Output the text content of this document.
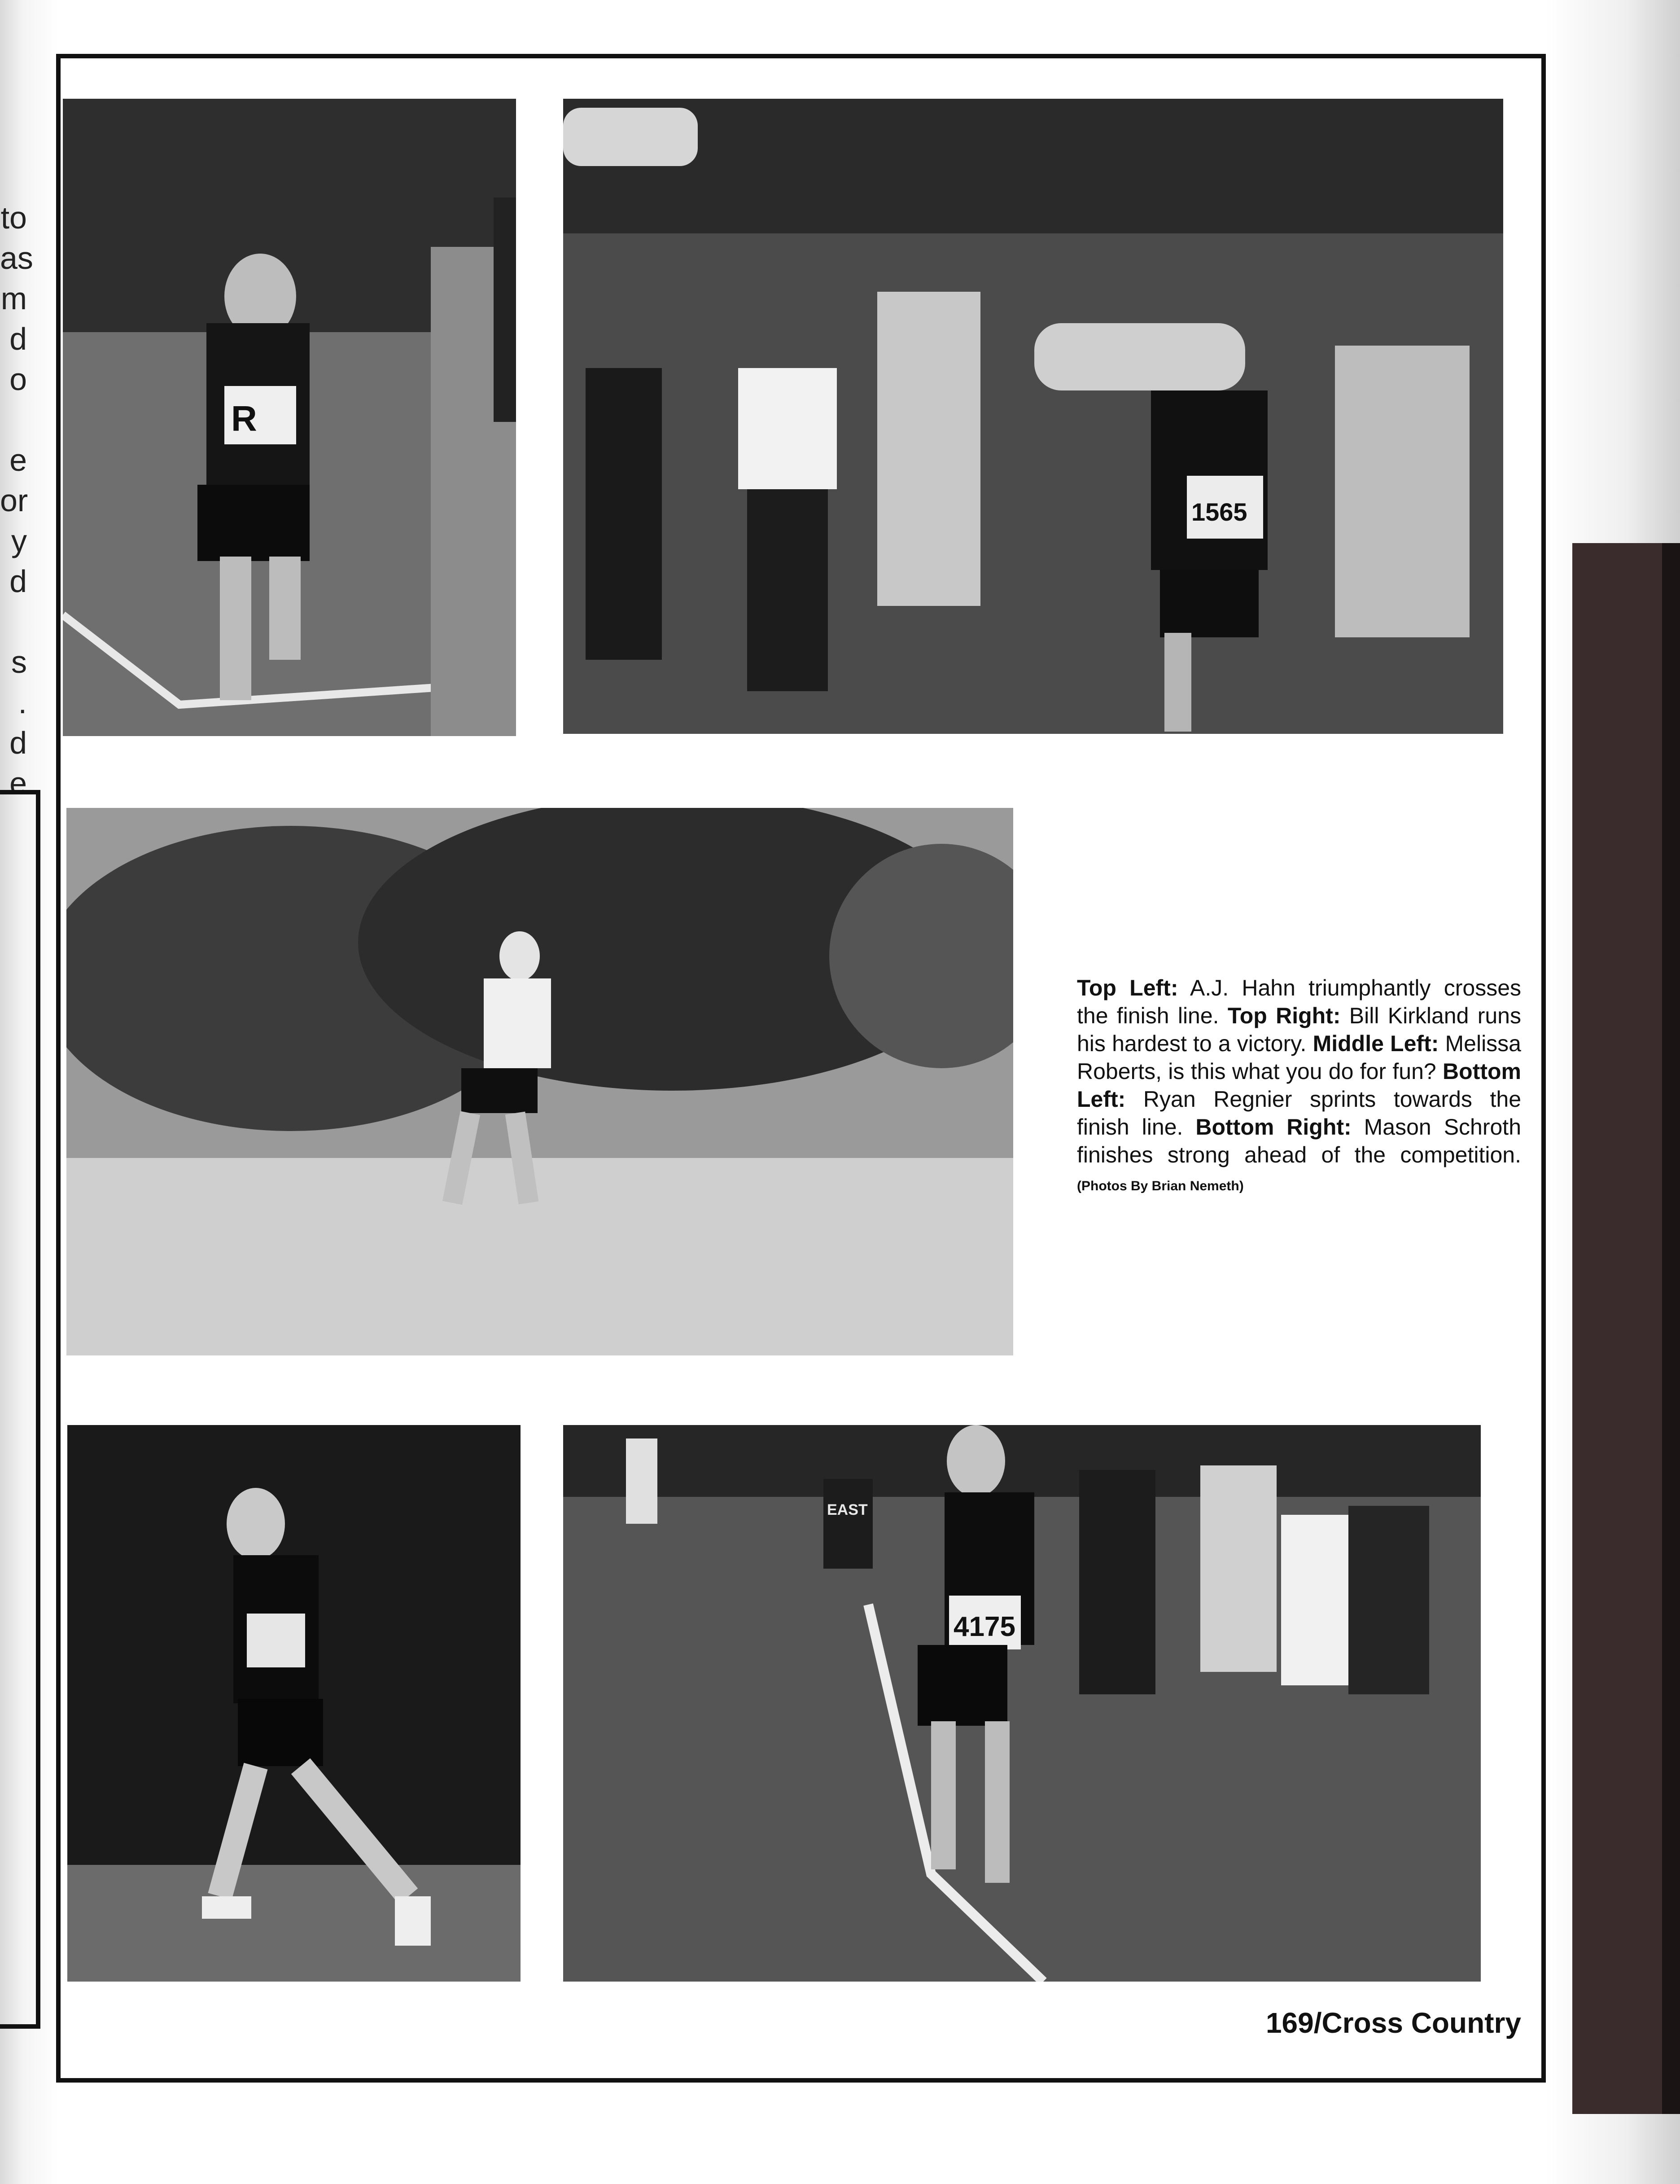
to
as
m
d
o

e
or
y
d

s
.
d
e
R
1565
EAST
4175
Top Left: A.J. Hahn triumphantly crosses the finish line. Top Right: Bill Kirkland runs his hardest to a victory. Middle Left: Melissa Roberts, is this what you do for fun? Bottom Left: Ryan Regnier sprints towards the finish line. Bottom Right: Mason Schroth finishes strong ahead of the competition. (Photos By Brian Nemeth)
169/Cross Country
